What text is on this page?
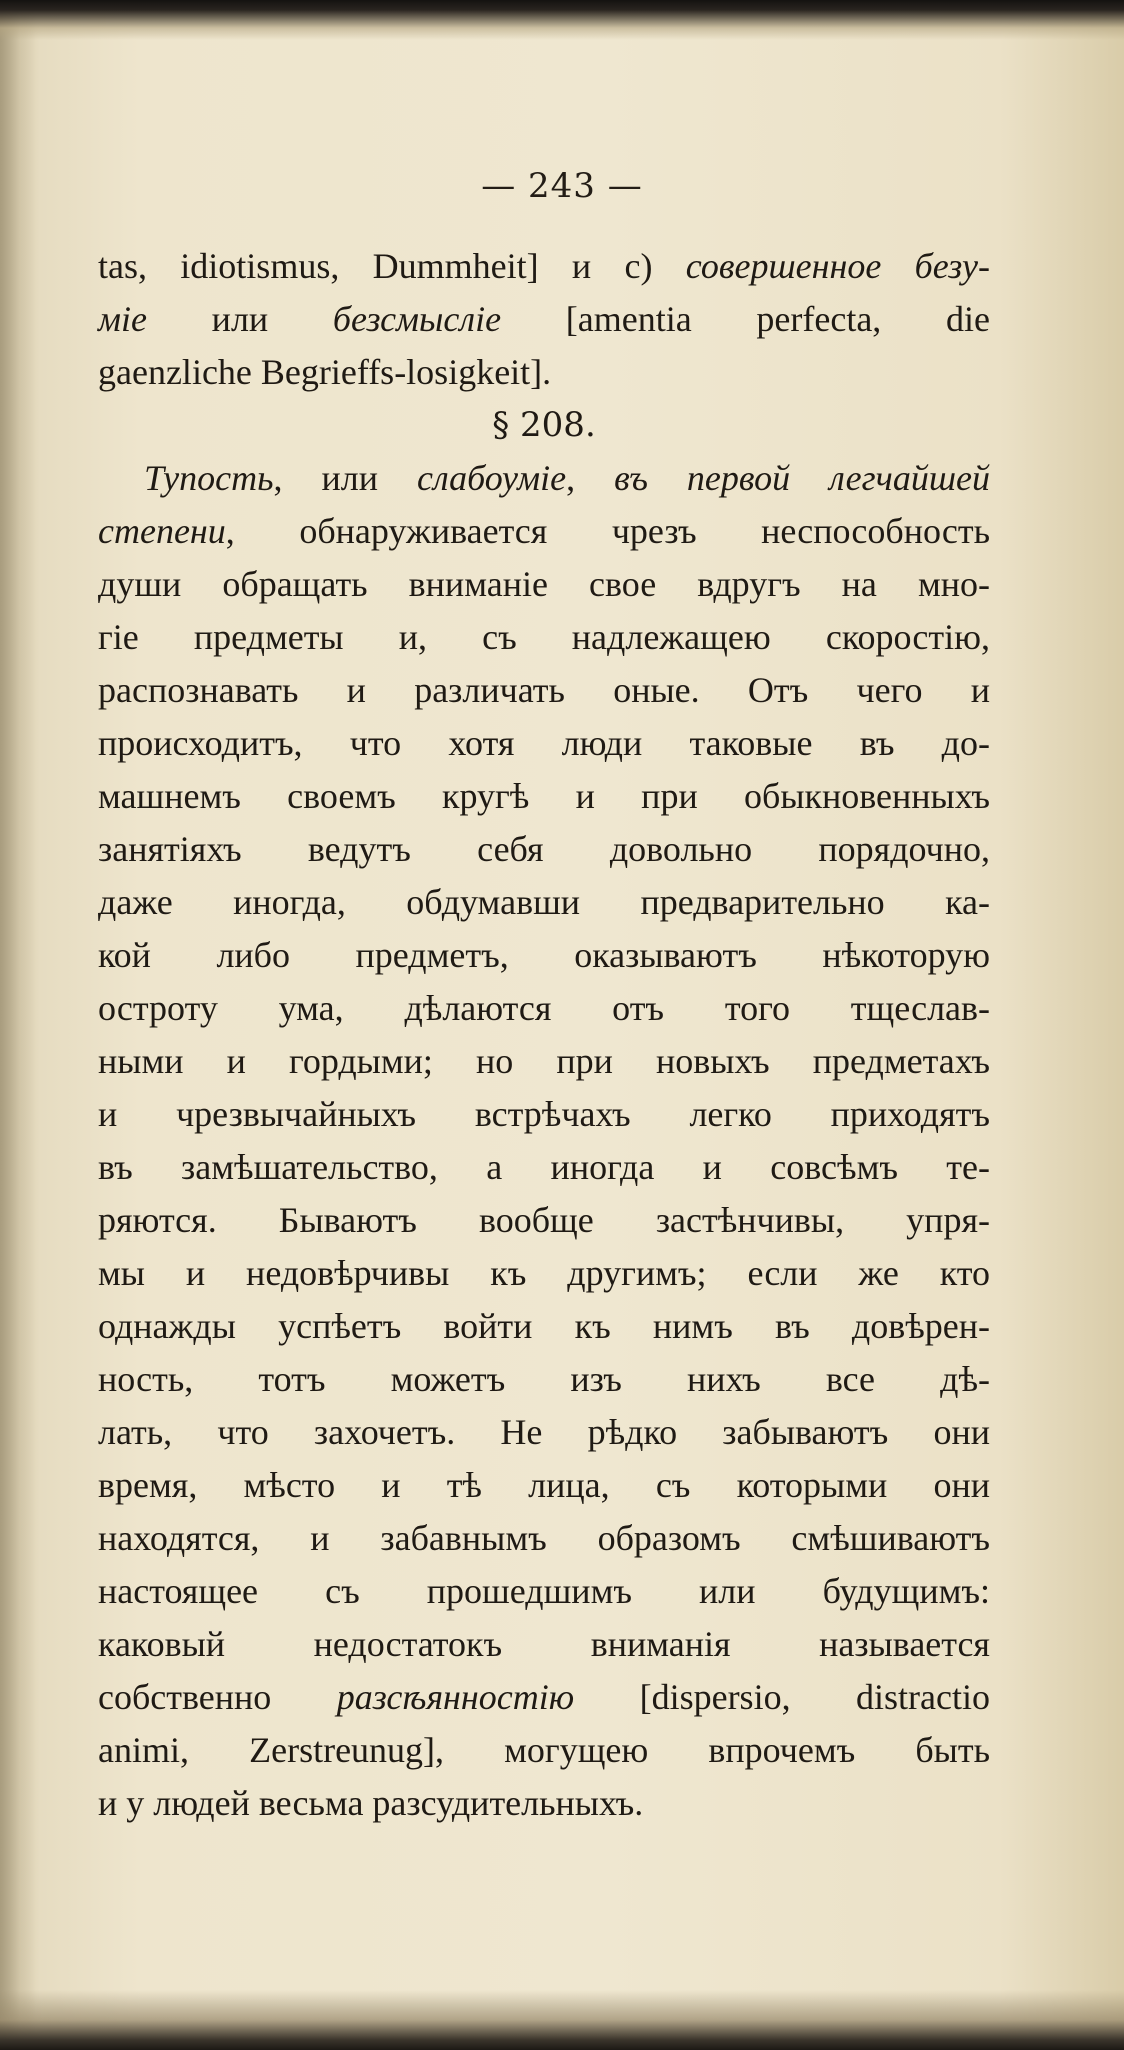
— 243 —
tas, idiotismus, Dummheit] и c) совершенное безу-
міе или безсмысліе [amentia perfecta, die
gaenzliche Begrieffs-losigkeit].
§ 208.
Тупость, или слабоумiе, въ первой легчайшей
степени, обнаруживается чрезъ неспособность
души обращать вниманiе свое вдругъ на мно-
гiе предметы и, съ надлежащею скоростiю,
распознавать и различать оные. Отъ чего и
происходитъ, что хотя люди таковые въ до-
машнемъ своемъ кругѣ и при обыкновенныхъ
занятiяхъ ведутъ себя довольно порядочно,
даже иногда, обдумавши предварительно ка-
кой либо предметъ, оказываютъ нѣкоторую
остроту ума, дѣлаются отъ того тщеслав-
ными и гордыми; но при новыхъ предметахъ
и чрезвычайныхъ встрѣчахъ легко приходятъ
въ замѣшательство, а иногда и совсѣмъ те-
ряются. Бываютъ вообще застѣнчивы, упря-
мы и недовѣрчивы къ другимъ; если же кто
однажды успѣетъ войти къ нимъ въ довѣрен-
ность, тотъ можетъ изъ нихъ все дѣ-
лать, что захочетъ. Не рѣдко забываютъ они
время, мѣсто и тѣ лица, съ которыми они
находятся, и забавнымъ образомъ смѣшиваютъ
настоящее съ прошедшимъ или будущимъ:
каковый недостатокъ вниманiя называется
собственно разсѣянностiю [dispersio, distractio
animi, Zerstreunug], могущею впрочемъ быть
и у людей весьма разсудительныхъ.
